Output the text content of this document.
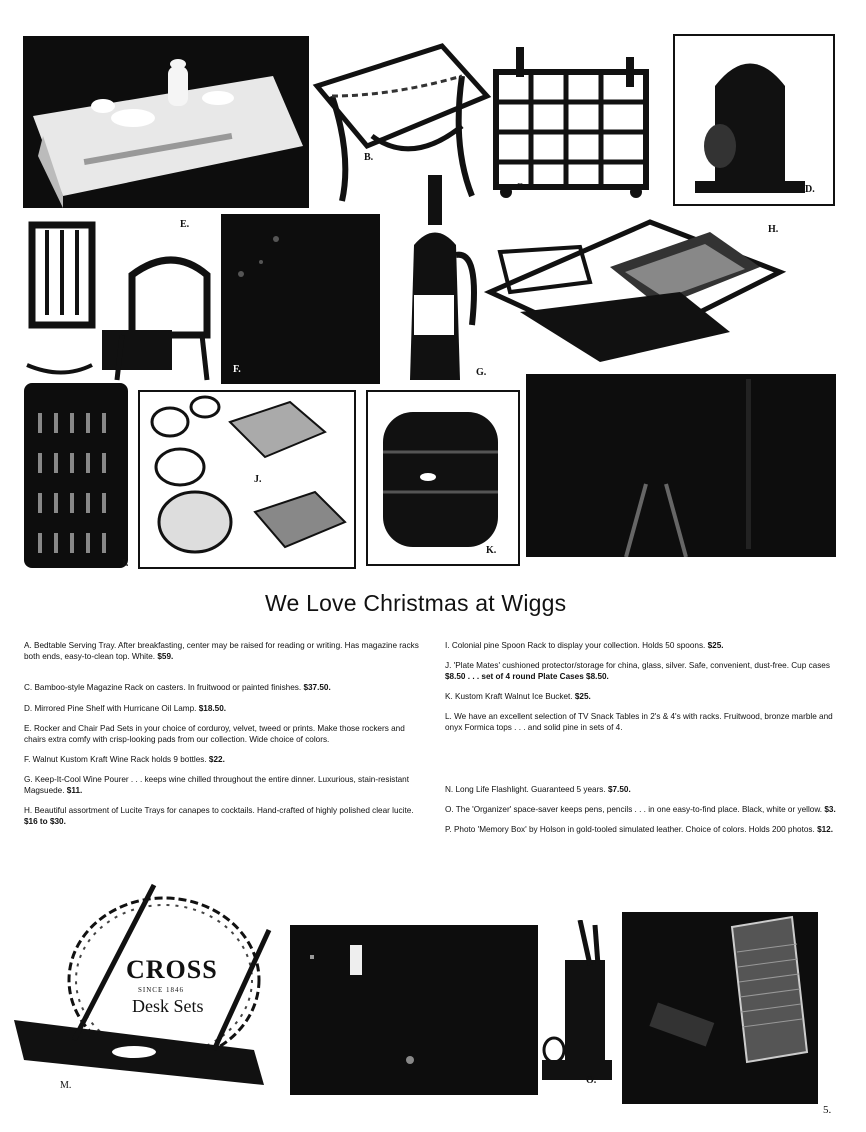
B.
C.	D.
E.
F.	G.
H.
I.
J.
K.
We Love Christmas at Wiggs

A. Bedtable Serving Tray. After breakfasting, center may be raised for reading or writing. Has magazine racks both ends, easy-to-clean top. White. $59.

C. Bamboo-style Magazine Rack on casters. In fruitwood or painted finishes. $37.50.

D. Mirrored Pine Shelf with Hurricane Oil Lamp. $18.50.

E. Rocker and Chair Pad Sets in your choice of corduroy, velvet, tweed or prints. Make those rockers and chairs extra comfy with crisp-looking pads from our collection. Wide choice of colors.

F. Walnut Kustom Kraft Wine Rack holds 9 bottles. $22.

G. Keep-It-Cool Wine Pourer . . . keeps wine chilled throughout the entire dinner. Luxurious, stain-resistant Magsuede. $11.

H. Beautiful assortment of Lucite Trays for canapes to cocktails. Hand-crafted of highly polished clear lucite. $16 to $30.

I. Colonial pine Spoon Rack to display your collection. Holds 50 spoons. $25.

J. 'Plate Mates' cushioned protector/storage for china, glass, silver. Safe, convenient, dust-free. Cup cases $8.50 . . . set of 4 round Plate Cases $8.50.

K. Kustom Kraft Walnut Ice Bucket. $25.

L. We have an excellent selection of TV Snack Tables in 2's & 4's with racks. Fruitwood, bronze marble and onyx Formica tops . . . and solid pine in sets of 4.

N. Long Life Flashlight. Guaranteed 5 years. $7.50.

O. The 'Organizer' space-saver keeps pens, pencils . . . in one easy-to-find place. Black, white or yellow. $3.

P. Photo 'Memory Box' by Holson in gold-tooled simulated leather. Choice of colors. Holds 200 photos. $12.

CROSS
SINCE 1846
Desk Sets
M.	O.
5.
